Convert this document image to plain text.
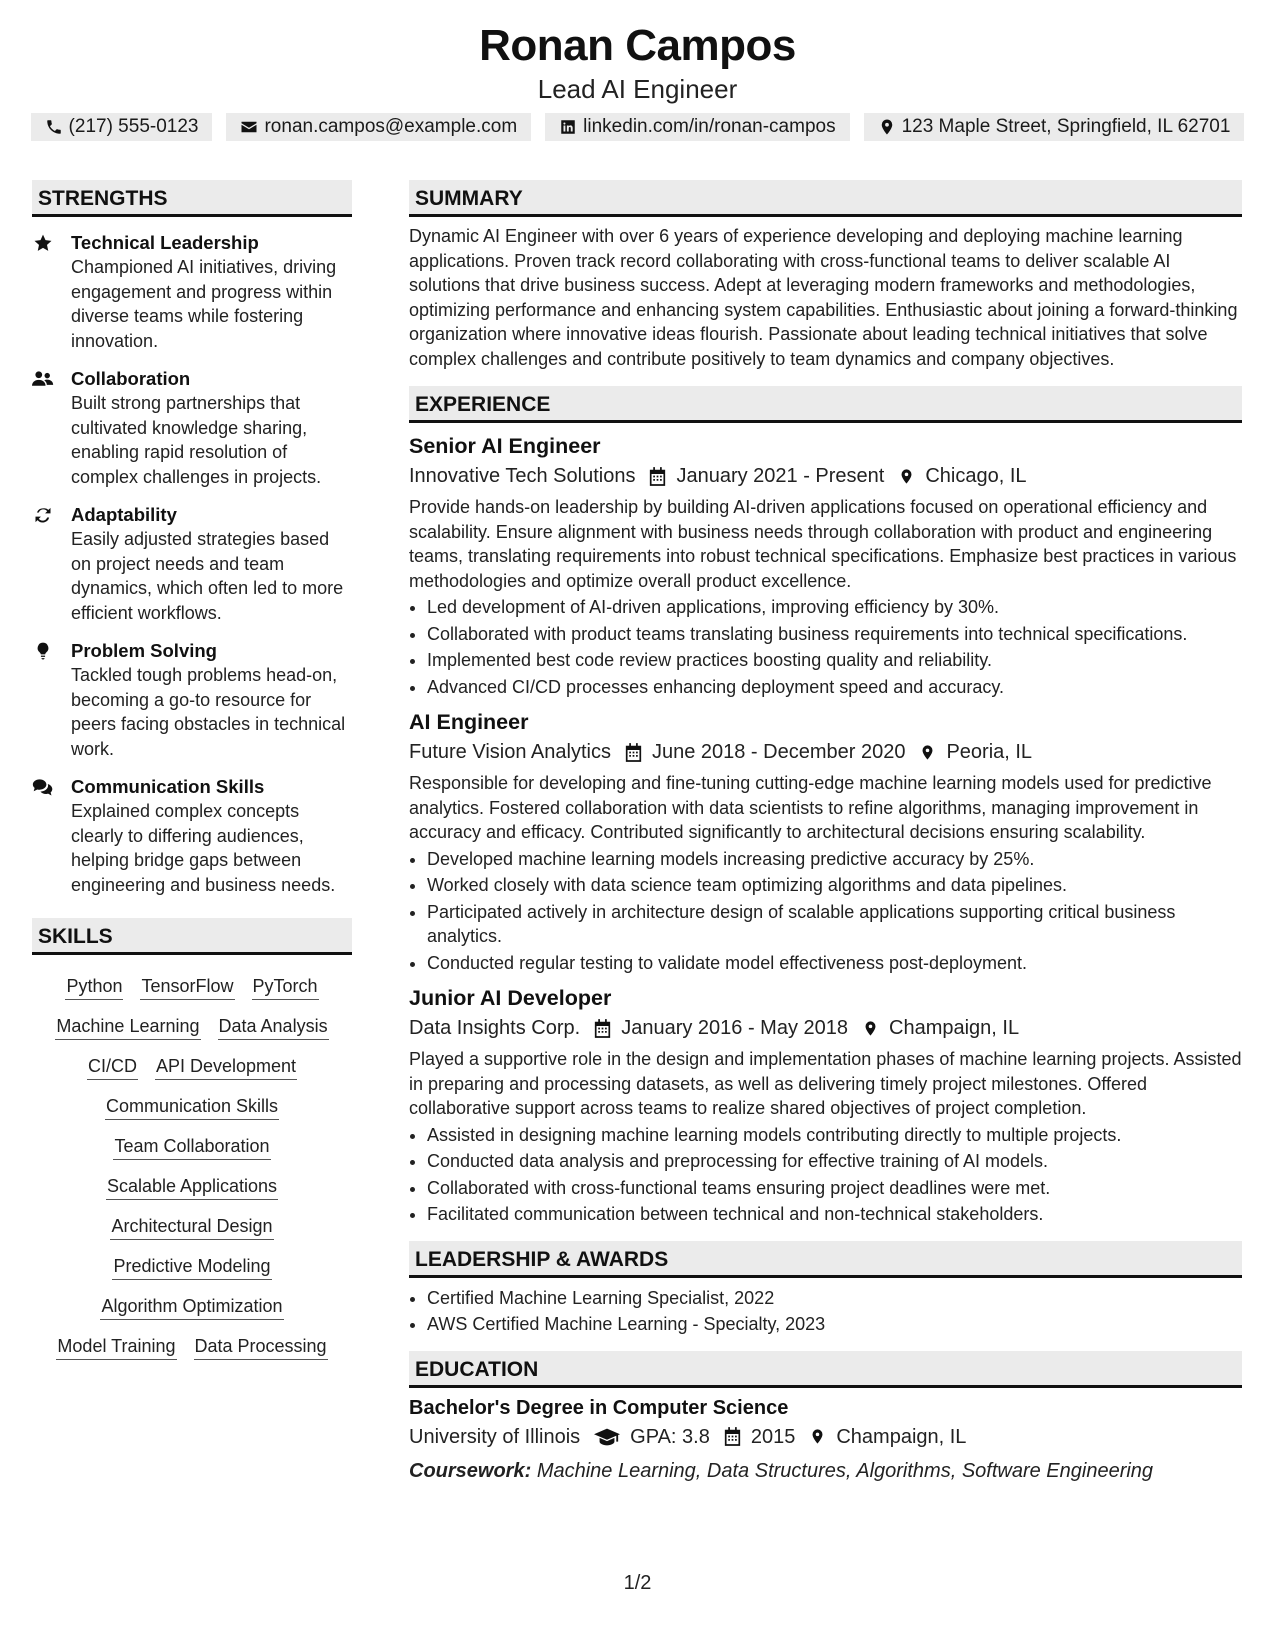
Ronan Campos
Lead AI Engineer
(217) 555-0123	ronan.campos@example.com	linkedin.com/in/ronan-campos	123 Maple Street, Springfield, IL 62701
STRENGTHS
Technical Leadership
Championed AI initiatives, driving engagement and progress within diverse teams while fostering innovation.
Collaboration
Built strong partnerships that cultivated knowledge sharing, enabling rapid resolution of complex challenges in projects.
Adaptability
Easily adjusted strategies based on project needs and team dynamics, which often led to more efficient workflows.
Problem Solving
Tackled tough problems head-on, becoming a go-to resource for peers facing obstacles in technical work.
Communication Skills
Explained complex concepts clearly to differing audiences, helping bridge gaps between engineering and business needs.
SKILLS
Python TensorFlow PyTorch
Machine Learning Data Analysis
CI/CD API Development
Communication Skills
Team Collaboration
Scalable Applications
Architectural Design
Predictive Modeling
Algorithm Optimization
Model Training Data Processing
SUMMARY
Dynamic AI Engineer with over 6 years of experience developing and deploying machine learning applications. Proven track record collaborating with cross-functional teams to deliver scalable AI solutions that drive business success. Adept at leveraging modern frameworks and methodologies, optimizing performance and enhancing system capabilities. Enthusiastic about joining a forward-thinking organization where innovative ideas flourish. Passionate about leading technical initiatives that solve complex challenges and contribute positively to team dynamics and company objectives.
EXPERIENCE
Senior AI Engineer
Innovative Tech Solutions January 2021 - Present Chicago, IL
Provide hands-on leadership by building AI-driven applications focused on operational efficiency and scalability. Ensure alignment with business needs through collaboration with product and engineering teams, translating requirements into robust technical specifications. Emphasize best practices in various methodologies and optimize overall product excellence.
• Led development of AI-driven applications, improving efficiency by 30%.
• Collaborated with product teams translating business requirements into technical specifications.
• Implemented best code review practices boosting quality and reliability.
• Advanced CI/CD processes enhancing deployment speed and accuracy.
AI Engineer
Future Vision Analytics June 2018 - December 2020 Peoria, IL
Responsible for developing and fine-tuning cutting-edge machine learning models used for predictive analytics. Fostered collaboration with data scientists to refine algorithms, managing improvement in accuracy and efficacy. Contributed significantly to architectural decisions ensuring scalability.
• Developed machine learning models increasing predictive accuracy by 25%.
• Worked closely with data science team optimizing algorithms and data pipelines.
• Participated actively in architecture design of scalable applications supporting critical business analytics.
• Conducted regular testing to validate model effectiveness post-deployment.
Junior AI Developer
Data Insights Corp. January 2016 - May 2018 Champaign, IL
Played a supportive role in the design and implementation phases of machine learning projects. Assisted in preparing and processing datasets, as well as delivering timely project milestones. Offered collaborative support across teams to realize shared objectives of project completion.
• Assisted in designing machine learning models contributing directly to multiple projects.
• Conducted data analysis and preprocessing for effective training of AI models.
• Collaborated with cross-functional teams ensuring project deadlines were met.
• Facilitated communication between technical and non-technical stakeholders.
LEADERSHIP & AWARDS
• Certified Machine Learning Specialist, 2022
• AWS Certified Machine Learning - Specialty, 2023
EDUCATION
Bachelor's Degree in Computer Science
University of Illinois	GPA: 3.8 2015 Champaign, IL
Coursework: Machine Learning, Data Structures, Algorithms, Software Engineering
1/2
